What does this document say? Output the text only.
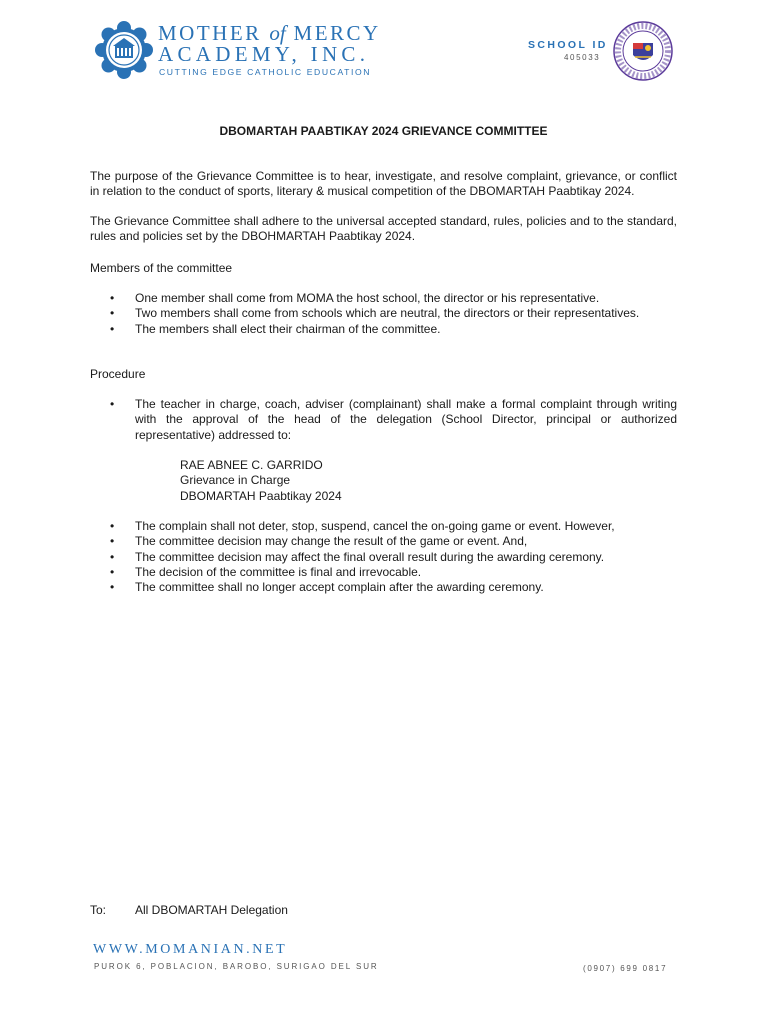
MOTHER of MERCY
ACADEMY, INC.
CUTTING EDGE CATHOLIC EDUCATION
SCHOOL ID
405033
DBOMARTAH PAABTIKAY 2024 GRIEVANCE COMMITTEE
The purpose of the Grievance Committee is to hear, investigate, and resolve complaint, grievance, or conflict in relation to the conduct of sports, literary & musical competition of the DBOMARTAH Paabtikay 2024.
The Grievance Committee shall adhere to the universal accepted standard, rules, policies and to the standard, rules and policies set by the DBOHMARTAH Paabtikay 2024.
Members of the committee
•	One member shall come from MOMA the host school, the director or his representative.
•	Two members shall come from schools which are neutral, the directors or their representatives.
•	The members shall elect their chairman of the committee.
Procedure
•	The teacher in charge, coach, adviser (complainant) shall make a formal complaint through writing with the approval of the head of the delegation (School Director, principal or authorized representative) addressed to:
RAE ABNEE C. GARRIDO
Grievance in Charge
DBOMARTAH Paabtikay 2024
•	The complain shall not deter, stop, suspend, cancel the on-going game or event. However,
•	The committee decision may change the result of the game or event. And,
•	The committee decision may affect the final overall result during the awarding ceremony.
•	The decision of the committee is final and irrevocable.
•	The committee shall no longer accept complain after the awarding ceremony.
To: All DBOMARTAH Delegation
WWW.MOMANIAN.NET
PUROK 6, POBLACION, BAROBO, SURIGAO DEL SUR	(0907) 699 0817
